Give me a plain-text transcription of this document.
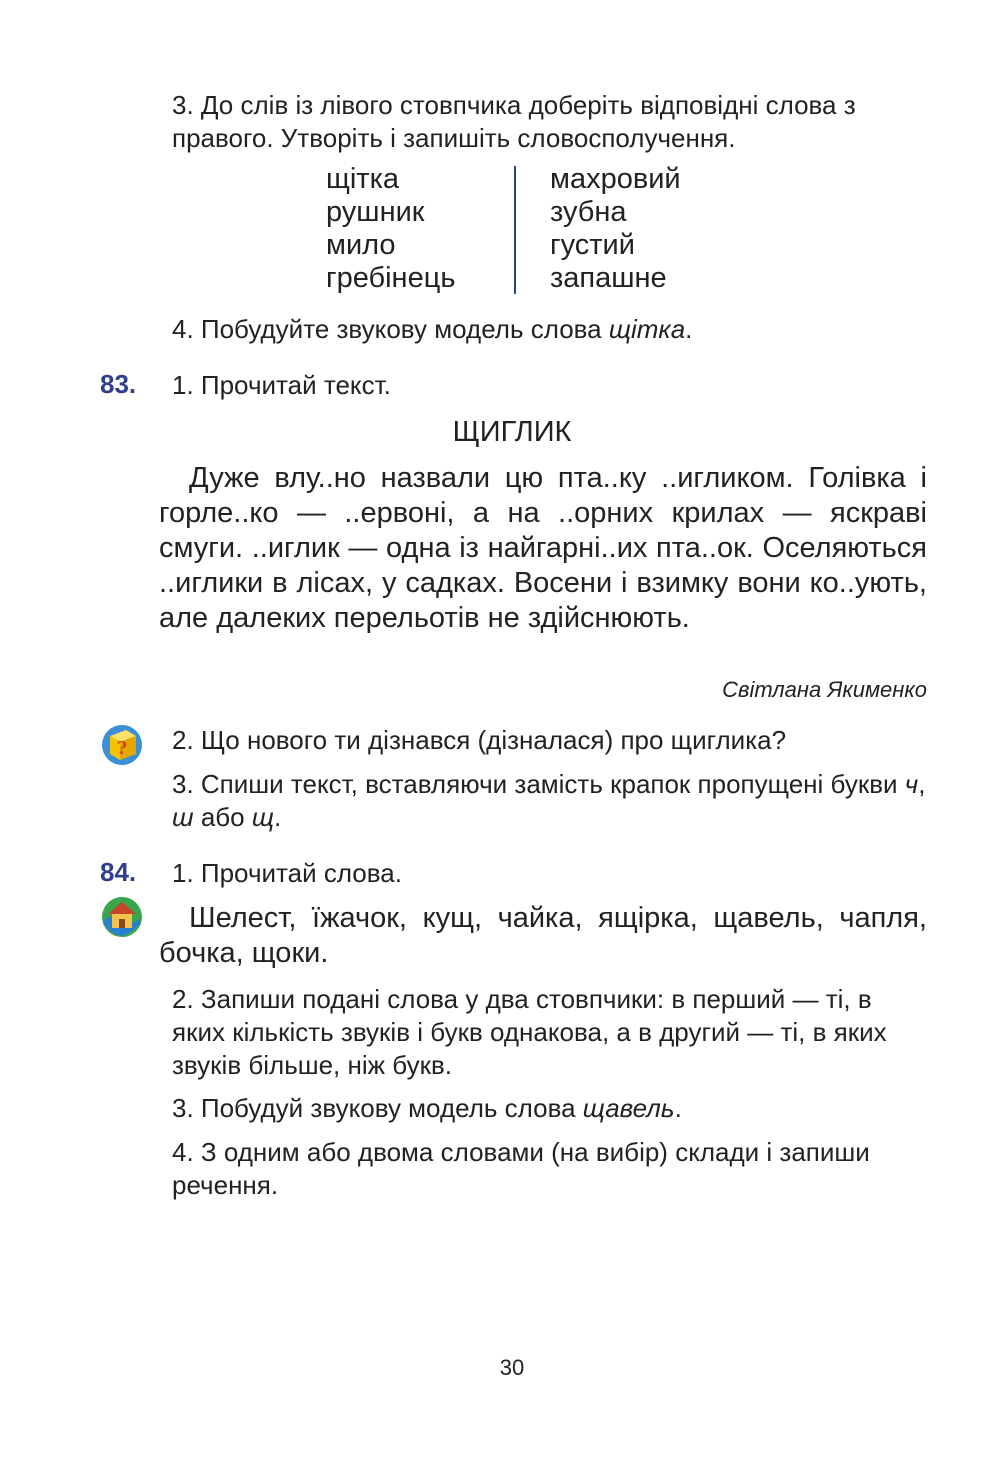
3. До слів із лівого стовпчика доберіть відповідні слова з правого. Утворіть і запишіть словосполучення.
щітка
рушник
мило
гребінець
махровий
зубна
густий
запашне
4. Побудуйте звукову модель слова щітка.
83. 1. Прочитай текст.
ЩИГЛИК

Дуже влу..но назвали цю пта..ку ..игликом. Голівка і горле..ко — ..ервоні, а на ..орних крилах — яскраві смуги. ..иглик — одна із найгарні..их пта..ок. Оселяються ..иглики в лісах, у садках. Восени і взимку вони ко..ують, але далеких перельотів не здійснюють.

Світлана Якименко
? 2. Що нового ти дізнався (дізналася) про щиглика?
3. Спиши текст, вставляючи замість крапок пропущені букви ч, ш або щ.
84. 1. Прочитай слова.

Шелест, їжачок, кущ, чайка, ящірка, щавель, чапля, бочка, щоки.

2. Запиши подані слова у два стовпчики: в перший — ті, в яких кількість звуків і букв однакова, а в другий — ті, в яких звуків більше, ніж букв.
3. Побудуй звукову модель слова щавель.
4. З одним або двома словами (на вибір) склади і запиши речення.
30
